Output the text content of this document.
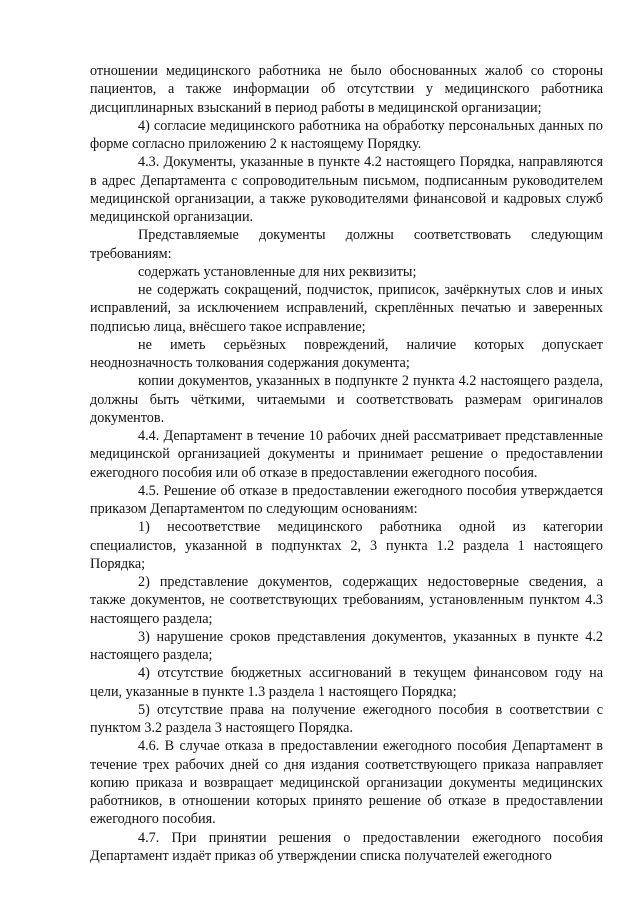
отношении медицинского работника не было обоснованных жалоб со стороны пациентов, а также информации об отсутствии у медицинского работника дисциплинарных взысканий в период работы в медицинской организации;

4) согласие медицинского работника на обработку персональных данных по форме согласно приложению 2 к настоящему Порядку.

4.3. Документы, указанные в пункте 4.2 настоящего Порядка, направляются в адрес Департамента с сопроводительным письмом, подписанным руководителем медицинской организации, а также руководителями финансовой и кадровых служб медицинской организации.

Представляемые документы должны соответствовать следующим требованиям:

содержать установленные для них реквизиты;

не содержать сокращений, подчисток, приписок, зачёркнутых слов и иных исправлений, за исключением исправлений, скреплённых печатью и заверенных подписью лица, внёсшего такое исправление;

не иметь серьёзных повреждений, наличие которых допускает неоднозначность толкования содержания документа;

копии документов, указанных в подпункте 2 пункта 4.2 настоящего раздела, должны быть чёткими, читаемыми и соответствовать размерам оригиналов документов.

4.4. Департамент в течение 10 рабочих дней рассматривает представленные медицинской организацией документы и принимает решение о предоставлении ежегодного пособия или об отказе в предоставлении ежегодного пособия.

4.5. Решение об отказе в предоставлении ежегодного пособия утверждается приказом Департаментом по следующим основаниям:

1) несоответствие медицинского работника одной из категории специалистов, указанной в подпунктах 2, 3 пункта 1.2 раздела 1 настоящего Порядка;

2) представление документов, содержащих недостоверные сведения, а также документов, не соответствующих требованиям, установленным пунктом 4.3 настоящего раздела;

3) нарушение сроков представления документов, указанных в пункте 4.2 настоящего раздела;

4) отсутствие бюджетных ассигнований в текущем финансовом году на цели, указанные в пункте 1.3 раздела 1 настоящего Порядка;

5) отсутствие права на получение ежегодного пособия в соответствии с пунктом 3.2 раздела 3 настоящего Порядка.

4.6. В случае отказа в предоставлении ежегодного пособия Департамент в течение трех рабочих дней со дня издания соответствующего приказа направляет копию приказа и возвращает медицинской организации документы медицинских работников, в отношении которых принято решение об отказе в предоставлении ежегодного пособия.

4.7. При принятии решения о предоставлении ежегодного пособия Департамент издаёт приказ об утверждении списка получателей ежегодного
